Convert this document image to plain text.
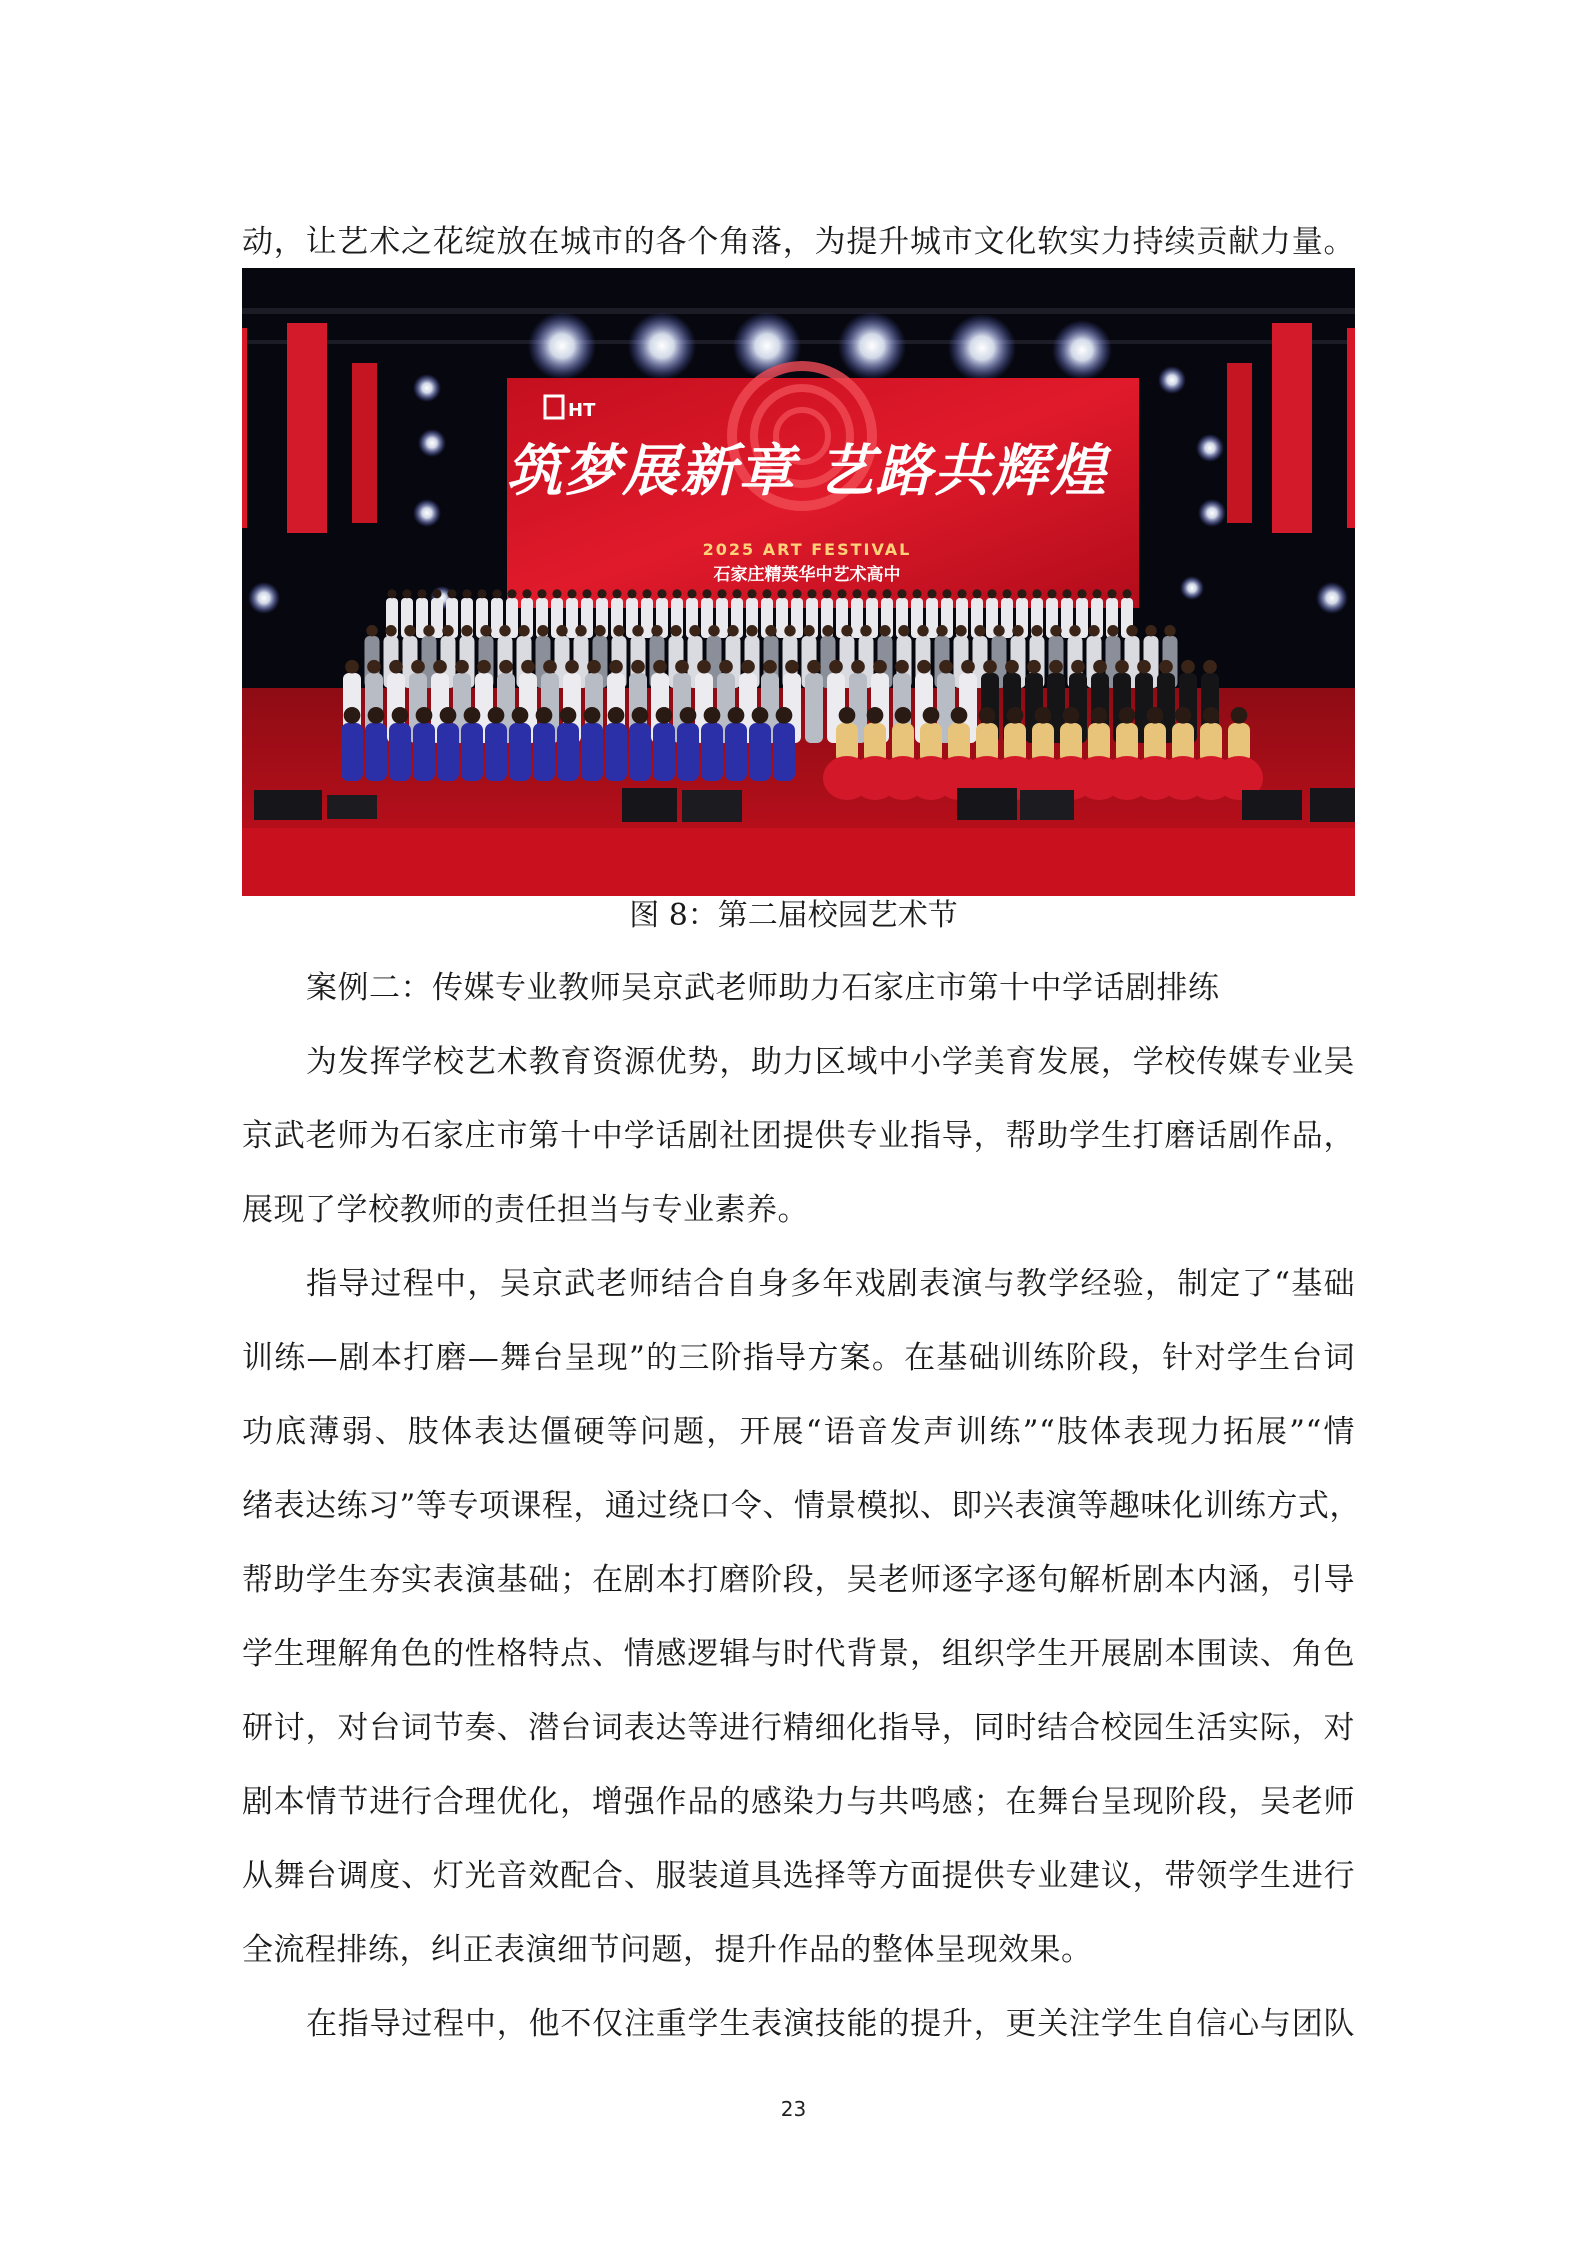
动，让艺术之花绽放在城市的各个角落，为提升城市文化软实力持续贡献力量。
HT
筑梦展新章 艺路共辉煌
2025 ART FESTIVAL
石家庄精英华中艺术高中
图 8：第二届校园艺术节
案例二：传媒专业教师吴京武老师助力石家庄市第十中学话剧排练
为发挥学校艺术教育资源优势，助力区域中小学美育发展，学校传媒专业吴
京武老师为石家庄市第十中学话剧社团提供专业指导，帮助学生打磨话剧作品，
展现了学校教师的责任担当与专业素养。
指导过程中，吴京武老师结合自身多年戏剧表演与教学经验，制定了“基础
训练—剧本打磨—舞台呈现”的三阶指导方案。在基础训练阶段，针对学生台词
功底薄弱、肢体表达僵硬等问题，开展“语音发声训练”“肢体表现力拓展”“情
绪表达练习”等专项课程，通过绕口令、情景模拟、即兴表演等趣味化训练方式，
帮助学生夯实表演基础；在剧本打磨阶段，吴老师逐字逐句解析剧本内涵，引导
学生理解角色的性格特点、情感逻辑与时代背景，组织学生开展剧本围读、角色
研讨，对台词节奏、潜台词表达等进行精细化指导，同时结合校园生活实际，对
剧本情节进行合理优化，增强作品的感染力与共鸣感；在舞台呈现阶段，吴老师
从舞台调度、灯光音效配合、服装道具选择等方面提供专业建议，带领学生进行
全流程排练，纠正表演细节问题，提升作品的整体呈现效果。
在指导过程中，他不仅注重学生表演技能的提升，更关注学生自信心与团队
23
